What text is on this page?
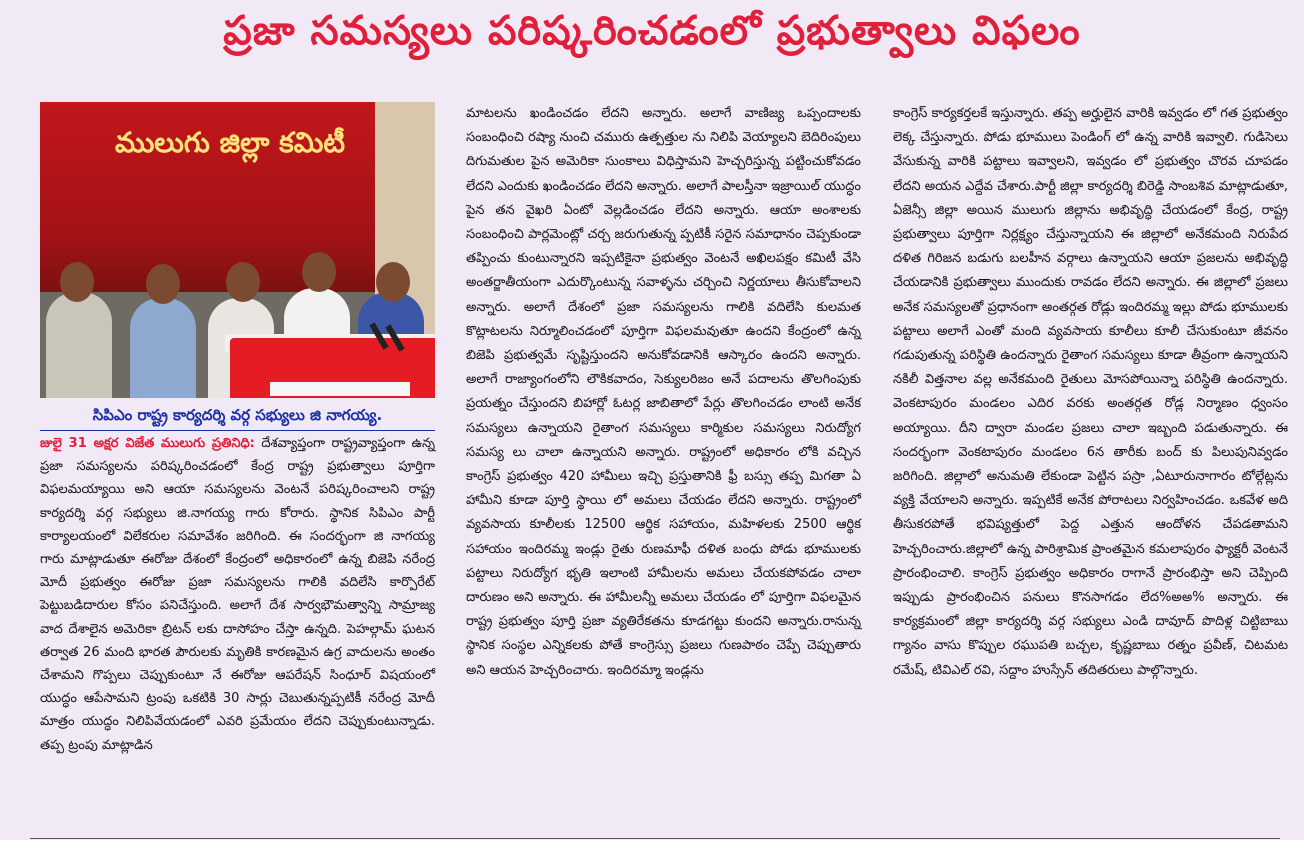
ప్రజా సమస్యలు పరిష్కరించడంలో ప్రభుత్వాలు విఫలం
ములుగు జిల్లా కమిటీ
సిపిఎం రాష్ట్ర కార్యదర్శి వర్గ సభ్యులు జి నాగయ్య.

జులై 31 అక్షర విజేత ములుగు ప్రతినిధి: దేశవ్యాప్తంగా రాష్ట్రవ్యాప్తంగా ఉన్న ప్రజా సమస్యలను పరిష్కరించడంలో కేంద్ర రాష్ట్ర ప్రభుత్వాలు పూర్తిగా విఫలమయ్యాయి అని ఆయా సమస్యలను వెంటనే పరిష్కరించాలని రాష్ట్ర కార్యదర్శి వర్గ సభ్యులు జి.నాగయ్య గారు కోరారు. స్థానిక సిపిఎం పార్టీ కార్యాలయంలో విలేకరుల సమావేశం జరిగింది. ఈ సందర్భంగా జి నాగయ్య గారు మాట్లాడుతూ ఈరోజు దేశంలో కేంద్రంలో అధికారంలో ఉన్న బిజెపి నరేంద్ర మోదీ ప్రభుత్వం ఈరోజు ప్రజా సమస్యలను గాలికి వదిలేసి కార్పొరేట్ పెట్టుబడిదారుల కోసం పనిచేస్తుంది. అలాగే దేశ సార్వభౌమత్వాన్ని సామ్రాజ్య వాద దేశాలైన అమెరికా బ్రిటన్ లకు దాసోహం చేస్తా ఉన్నది. పెహల్గామ్ ఘటన తర్వాత 26 మంది భారత పౌరులకు మృతికి కారణమైన ఉగ్ర వాదులను అంతం చేశామని గొప్పలు చెప్పుకుంటూ నే ఈరోజు ఆపరేషన్ సింధూర్ విషయంలో యుద్ధం ఆపేసామని ట్రంపు ఒకటికి 30 సార్లు చెబుతున్నప్పటికీ నరేంద్ర మోదీ మాత్రం యుద్ధం నిలిపివేయడంలో ఎవరి ప్రమేయం లేదని చెప్పుకుంటున్నాడు. తప్ప ట్రంపు మాట్లాడిన

మాటలను ఖండించడం లేదని అన్నారు. అలాగే వాణిజ్య ఒప్పందాలకు సంబంధించి రష్యా నుంచి చమురు ఉత్పత్తుల ను నిలిపి వెయ్యాలని బెదిరింపులు దిగుమతుల పైన అమెరికా సుంకాలు విధిస్తామని హెచ్చరిస్తున్న పట్టించుకోవడం లేదని ఎందుకు ఖండించడం లేదని అన్నారు. అలాగే పాలస్తీనా ఇజ్రాయిల్ యుద్ధం పైన తన వైఖరి ఏంటో వెల్లడించడం లేదని అన్నారు. ఆయా అంశాలకు సంబంధించి పార్లమెంట్లో చర్చ జరుగుతున్న ప్పటికీ సరైన సమాధానం చెప్పకుండా తప్పించు కుంటున్నారని ఇప్పటికైనా ప్రభుత్వం వెంటనే అఖిలపక్షం కమిటీ వేసి అంతర్జాతీయంగా ఎదుర్కొంటున్న సవాళ్ళను చర్చించి నిర్ణయాలు తీసుకోవాలని అన్నారు. అలాగే దేశంలో ప్రజా సమస్యలను గాలికి వదిలేసి కులమత కొట్లాటలను నిర్మూలించడంలో పూర్తిగా విఫలమవుతూ ఉందని కేంద్రంలో ఉన్న బిజెపి ప్రభుత్వమే సృష్టిస్తుందని అనుకోవడానికి ఆస్కారం ఉందని అన్నారు. అలాగే రాజ్యాంగంలోని లౌకికవాదం, సెక్యులరిజం అనే పదాలను తొలగింపుకు ప్రయత్నం చేస్తుందని బిహార్లో ఓటర్ల జాబితాలో పేర్లు తొలగించడం లాంటి అనేక సమస్యలు ఉన్నాయని రైతాంగ సమస్యలు కార్మికుల సమస్యలు నిరుద్యోగ సమస్య లు చాలా ఉన్నాయని అన్నారు. రాష్ట్రంలో అధికారం లోకి వచ్చిన కాంగ్రెస్ ప్రభుత్వం 420 హామీలు ఇచ్చి ప్రస్తుతానికి ఫ్రీ బస్సు తప్ప మిగతా ఏ హామీని కూడా పూర్తి స్థాయి లో అమలు చేయడం లేదని అన్నారు. రాష్ట్రంలో వ్యవసాయ కూలీలకు 12500 ఆర్థిక సహాయం, మహిళలకు 2500 ఆర్థిక సహాయం ఇందిరమ్మ ఇండ్లు రైతు రుణమాఫీ దళిత బంధు పోడు భూములకు పట్టాలు నిరుద్యోగ భృతి ఇలాంటి హామీలను అమలు చేయకపోవడం చాలా దారుణం అని అన్నారు. ఈ హామీలన్నీ అమలు చేయడం లో పూర్తిగా విఫలమైన రాష్ట్ర ప్రభుత్వం పూర్తి ప్రజా వ్యతిరేకతను కూడగట్టు కుందని అన్నారు.రానున్న స్థానిక సంస్థల ఎన్నికలకు పోతే కాంగ్రెస్సు ప్రజలు గుణపాఠం చెప్పే చెప్పుతారు అని ఆయన హెచ్చరించారు. ఇందిరమ్మా ఇండ్లను

కాంగ్రెస్ కార్యకర్తలకే ఇస్తున్నారు. తప్ప అర్హులైన వారికి ఇవ్వడం లో గత ప్రభుత్వం లెక్క చేస్తున్నారు. పోడు భూములు పెండింగ్ లో ఉన్న వారికి ఇవ్వాలి. గుడిసెలు వేసుకున్న వారికి పట్టాలు ఇవ్వాలని, ఇవ్వడం లో ప్రభుత్వం చొరవ చూపడం లేదని అయన ఎద్దేవ చేశారు.పార్టీ జిల్లా కార్యదర్శి బిరెడ్డి సాంబశివ మాట్లాడుతూ, ఏజెన్సీ జిల్లా అయిన ములుగు జిల్లాను అభివృద్ధి చేయడంలో కేంద్ర, రాష్ట్ర ప్రభుత్వాలు పూర్తిగా నిర్లక్ష్యం చేస్తున్నాయని ఈ జిల్లాలో అనేకమంది నిరుపేద దళిత గిరిజన బడుగు బలహీన వర్గాలు ఉన్నాయని ఆయా ప్రజలను అభివృద్ధి చేయడానికి ప్రభుత్వాలు ముందుకు రావడం లేదని అన్నారు. ఈ జిల్లాలో ప్రజలు అనేక సమస్యలతో ప్రధానంగా అంతర్గత రోడ్లు ఇందిరమ్మ ఇల్లు పోడు భూములకు పట్టాలు అలాగే ఎంతో మంది వ్యవసాయ కూలీలు కూలీ చేసుకుంటూ జీవనం గడుపుతున్న పరిస్థితి ఉందన్నారు రైతాంగ సమస్యలు కూడా తీవ్రంగా ఉన్నాయని నకిలీ విత్తనాల వల్ల అనేకమంది రైతులు మోసపోయిన్నా పరిస్థితి ఉందన్నారు. వెంకటాపురం మండలం ఎదిర వరకు అంతర్గత రోడ్ల నిర్మాణం ధ్వంసం అయ్యాయి. దీని ద్వారా మండల ప్రజలు చాలా ఇబ్బంది పడుతున్నారు. ఈ సందర్భంగా వెంకటాపురం మండలం 6న తారీకు బంద్ కు పిలుపునివ్వడం జరిగింది. జిల్లాలో అనుమతి లేకుండా పెట్టిన పస్రా ,ఏటూరునాగారం టోల్గేట్లను వ్యక్తి వేయాలని అన్నారు. ఇప్పటికే అనేక పోరాటలు నిర్వహించడం. ఒకవేళ అది తీసుకరపోతే భవిష్యత్తులో పెద్ద ఎత్తున ఆందోళన చేపడతామని హెచ్చరించారు.జిల్లాలో ఉన్న పారిశ్రామిక ప్రాంతమైన కమలాపురం ఫ్యాక్టరీ వెంటనే ప్రారంభించాలి. కాంగ్రెస్ ప్రభుత్వం అధికారం రాగానే ప్రారంభిస్తా అని చెప్పింది ఇప్పుడు ప్రారంభించిన పనులు కొనసాగడం లేద%అఅ% అన్నారు. ఈ కార్యక్రమంలో జిల్లా కార్యదర్శి వర్గ సభ్యులు ఎండి దావూద్ పొదిళ్ల చిట్టిబాబు గ్యానం వాసు కొప్పుల రఘుపతి బచ్చల, కృష్ణబాబు రత్నం ప్రవీణ్, చిటమట రమేష్, టివిఎల్ రవి, సద్దాం హుస్సేన్ తదితరులు పాల్గొన్నారు.
